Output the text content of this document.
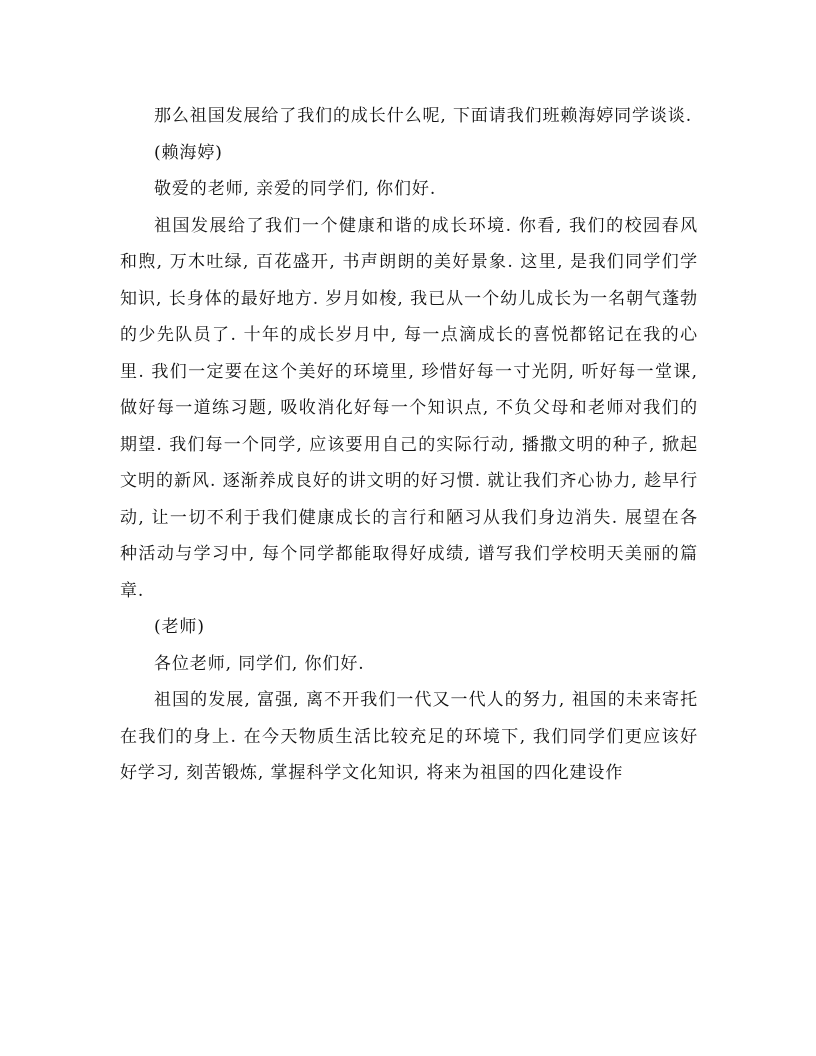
那么祖国发展给了我们的成长什么呢, 下面请我们班赖海婷同学谈谈.

(赖海婷)

敬爱的老师, 亲爱的同学们, 你们好.

祖国发展给了我们一个健康和谐的成长环境. 你看, 我们的校园春风和煦, 万木吐绿, 百花盛开, 书声朗朗的美好景象. 这里, 是我们同学们学知识, 长身体的最好地方. 岁月如梭, 我已从一个幼儿成长为一名朝气蓬勃的少先队员了. 十年的成长岁月中, 每一点滴成长的喜悦都铭记在我的心里. 我们一定要在这个美好的环境里, 珍惜好每一寸光阴, 听好每一堂课, 做好每一道练习题, 吸收消化好每一个知识点, 不负父母和老师对我们的期望. 我们每一个同学, 应该要用自己的实际行动, 播撒文明的种子, 掀起文明的新风. 逐渐养成良好的讲文明的好习惯. 就让我们齐心协力, 趁早行动, 让一切不利于我们健康成长的言行和陋习从我们身边消失. 展望在各种活动与学习中, 每个同学都能取得好成绩, 谱写我们学校明天美丽的篇章.

(老师)

各位老师, 同学们, 你们好.

祖国的发展, 富强, 离不开我们一代又一代人的努力, 祖国的未来寄托在我们的身上. 在今天物质生活比较充足的环境下, 我们同学们更应该好好学习, 刻苦锻炼, 掌握科学文化知识, 将来为祖国的四化建设作
